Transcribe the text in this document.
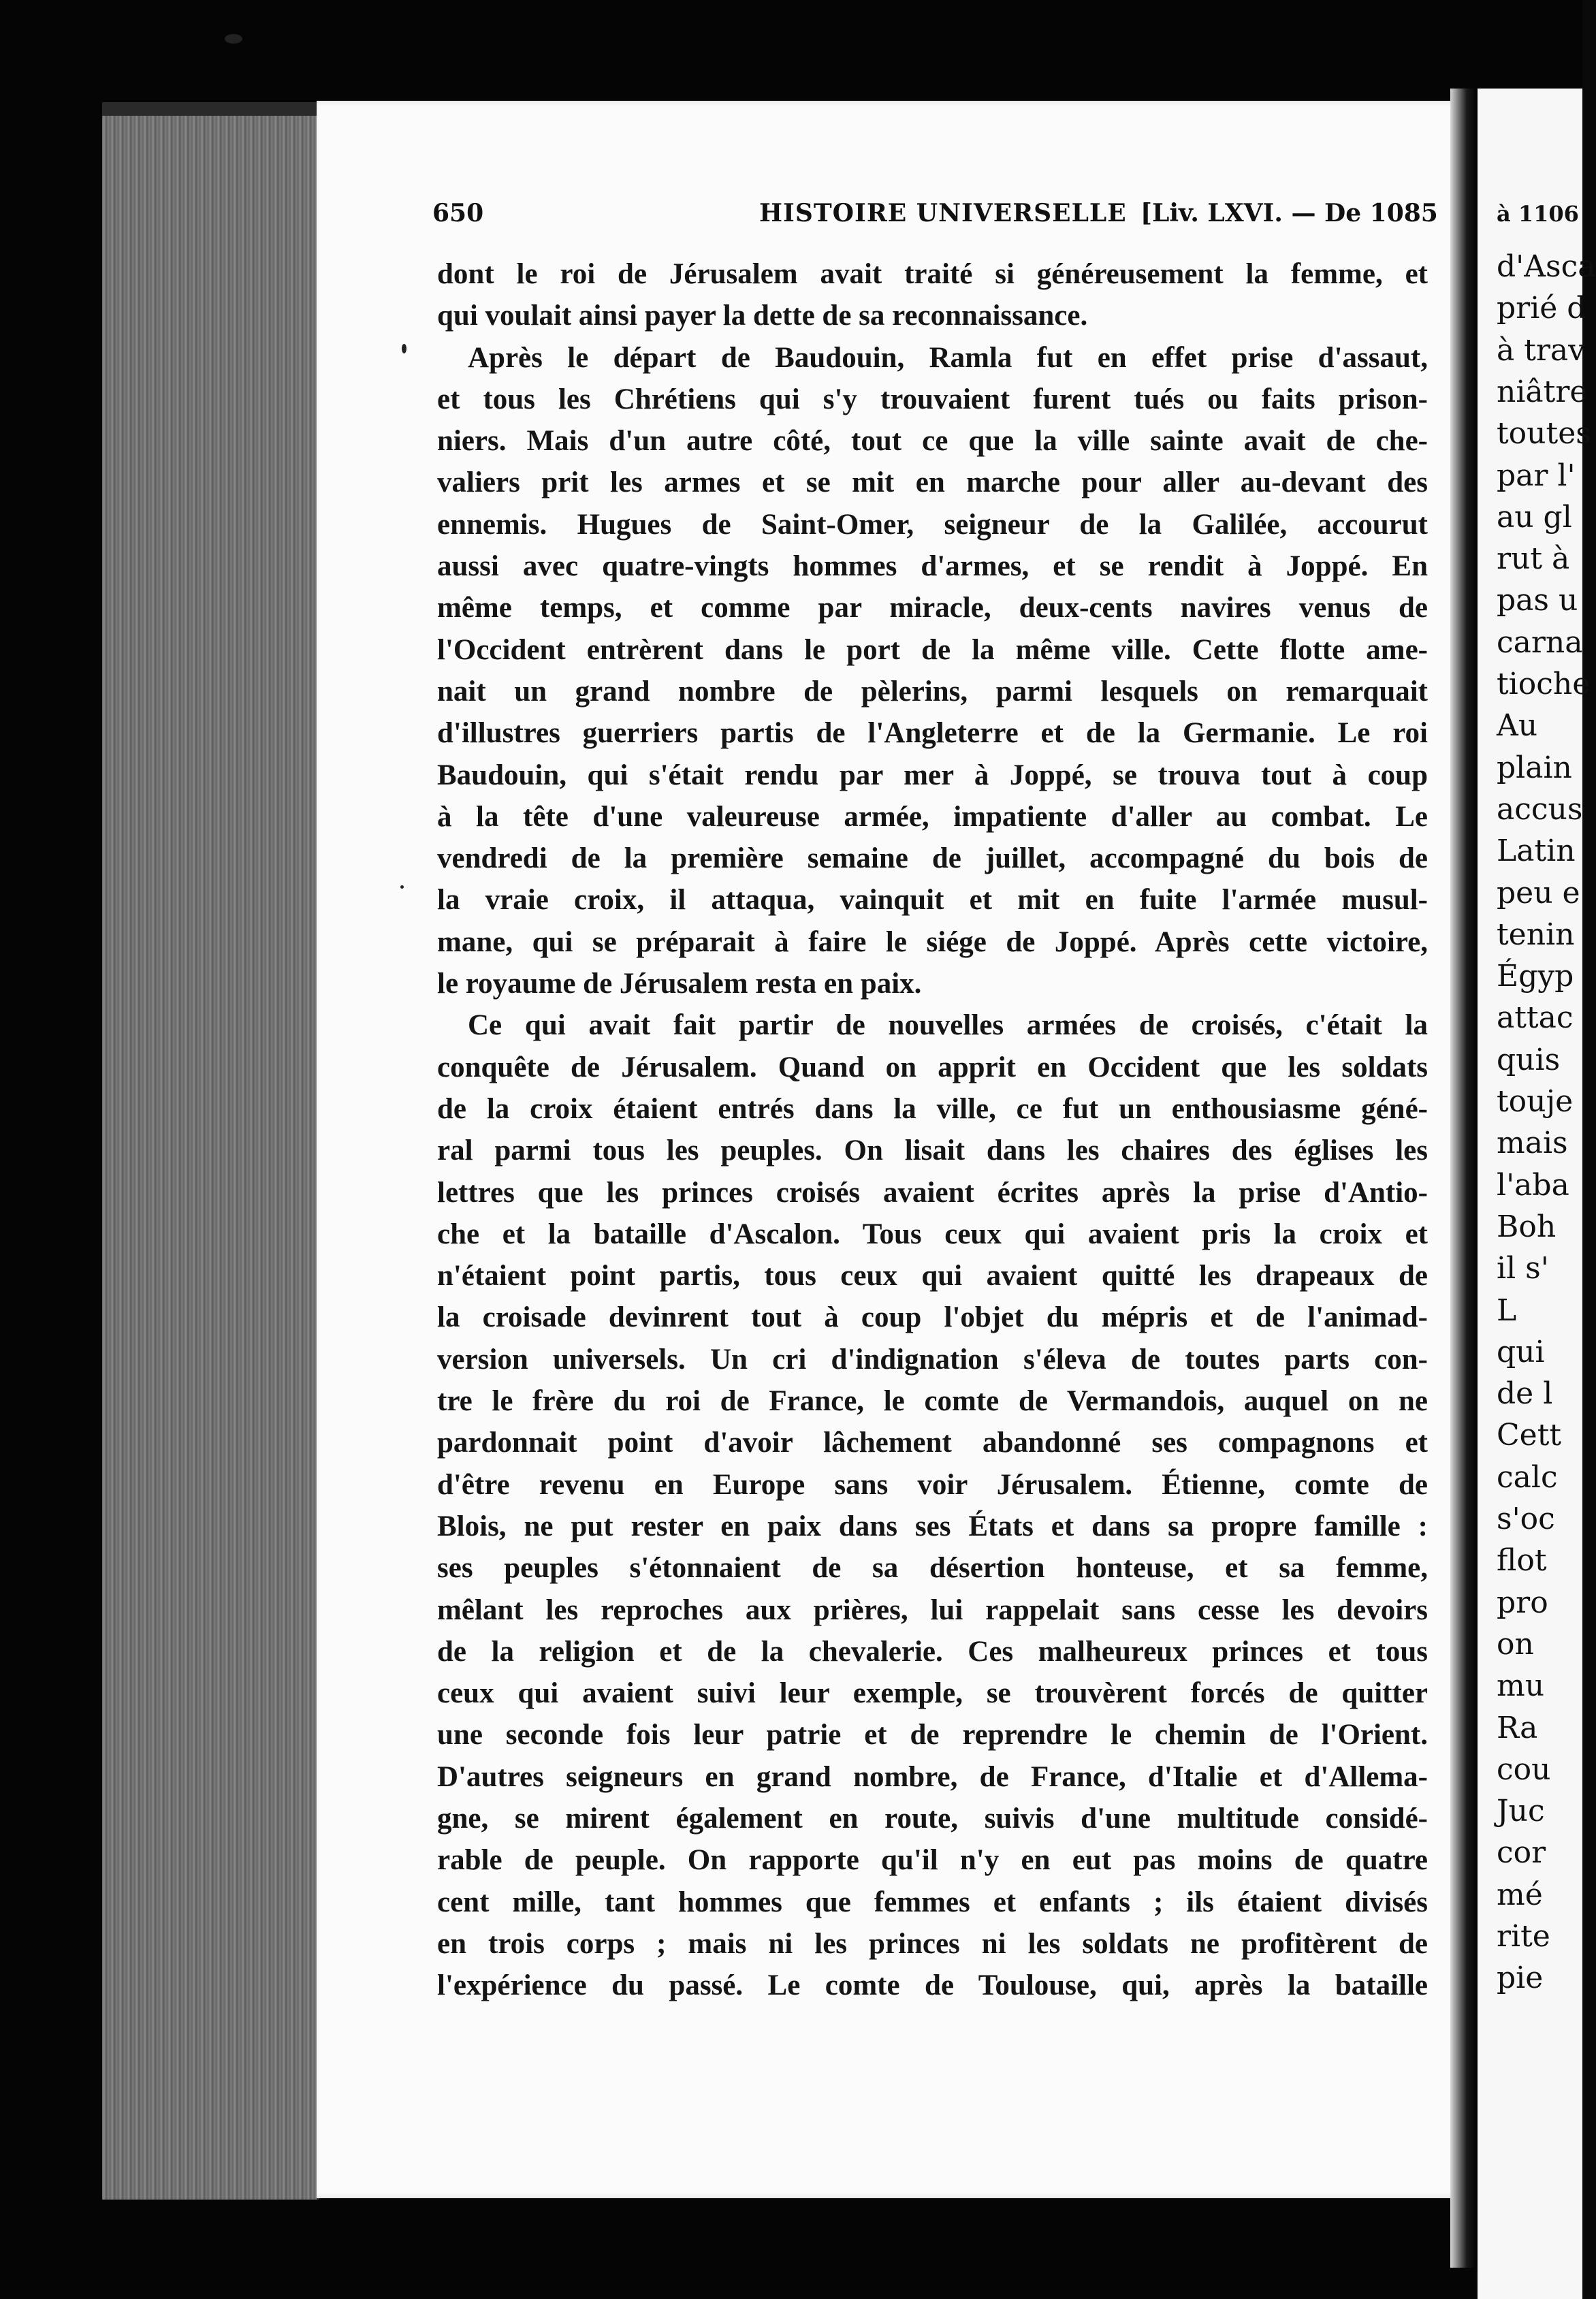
à 1106
d'Asca
prié d
à trav
niâtre
toutes
par l'
au gl
rut à
pas u
carna
tioche
Au
plain
accus
Latin
peu e
tenin
Égyp
attac
quis
touje
mais
l'aba
Boh
il s'
L
qui
de l
Cett
calc
s'oc
flot
pro
on
mu
Ra
cou
Juc
cor
mé
rite
pie
650	HISTOIRE UNIVERSELLE [Liv. LXVI. — De 1085
dont le roi de Jérusalem avait traité si généreusement la femme, et
qui voulait ainsi payer la dette de sa reconnaissance.
Après le départ de Baudouin, Ramla fut en effet prise d'assaut,
et tous les Chrétiens qui s'y trouvaient furent tués ou faits prison-
niers. Mais d'un autre côté, tout ce que la ville sainte avait de che-
valiers prit les armes et se mit en marche pour aller au-devant des
ennemis. Hugues de Saint-Omer, seigneur de la Galilée, accourut
aussi avec quatre-vingts hommes d'armes, et se rendit à Joppé. En
même temps, et comme par miracle, deux-cents navires venus de
l'Occident entrèrent dans le port de la même ville. Cette flotte ame-
nait un grand nombre de pèlerins, parmi lesquels on remarquait
d'illustres guerriers partis de l'Angleterre et de la Germanie. Le roi
Baudouin, qui s'était rendu par mer à Joppé, se trouva tout à coup
à la tête d'une valeureuse armée, impatiente d'aller au combat. Le
vendredi de la première semaine de juillet, accompagné du bois de
la vraie croix, il attaqua, vainquit et mit en fuite l'armée musul-
mane, qui se préparait à faire le siége de Joppé. Après cette victoire,
le royaume de Jérusalem resta en paix.
Ce qui avait fait partir de nouvelles armées de croisés, c'était la
conquête de Jérusalem. Quand on apprit en Occident que les soldats
de la croix étaient entrés dans la ville, ce fut un enthousiasme géné-
ral parmi tous les peuples. On lisait dans les chaires des églises les
lettres que les princes croisés avaient écrites après la prise d'Antio-
che et la bataille d'Ascalon. Tous ceux qui avaient pris la croix et
n'étaient point partis, tous ceux qui avaient quitté les drapeaux de
la croisade devinrent tout à coup l'objet du mépris et de l'animad-
version universels. Un cri d'indignation s'éleva de toutes parts con-
tre le frère du roi de France, le comte de Vermandois, auquel on ne
pardonnait point d'avoir lâchement abandonné ses compagnons et
d'être revenu en Europe sans voir Jérusalem. Étienne, comte de
Blois, ne put rester en paix dans ses États et dans sa propre famille :
ses peuples s'étonnaient de sa désertion honteuse, et sa femme,
mêlant les reproches aux prières, lui rappelait sans cesse les devoirs
de la religion et de la chevalerie. Ces malheureux princes et tous
ceux qui avaient suivi leur exemple, se trouvèrent forcés de quitter
une seconde fois leur patrie et de reprendre le chemin de l'Orient.
D'autres seigneurs en grand nombre, de France, d'Italie et d'Allema-
gne, se mirent également en route, suivis d'une multitude considé-
rable de peuple. On rapporte qu'il n'y en eut pas moins de quatre
cent mille, tant hommes que femmes et enfants ; ils étaient divisés
en trois corps ; mais ni les princes ni les soldats ne profitèrent de
l'expérience du passé. Le comte de Toulouse, qui, après la bataille
